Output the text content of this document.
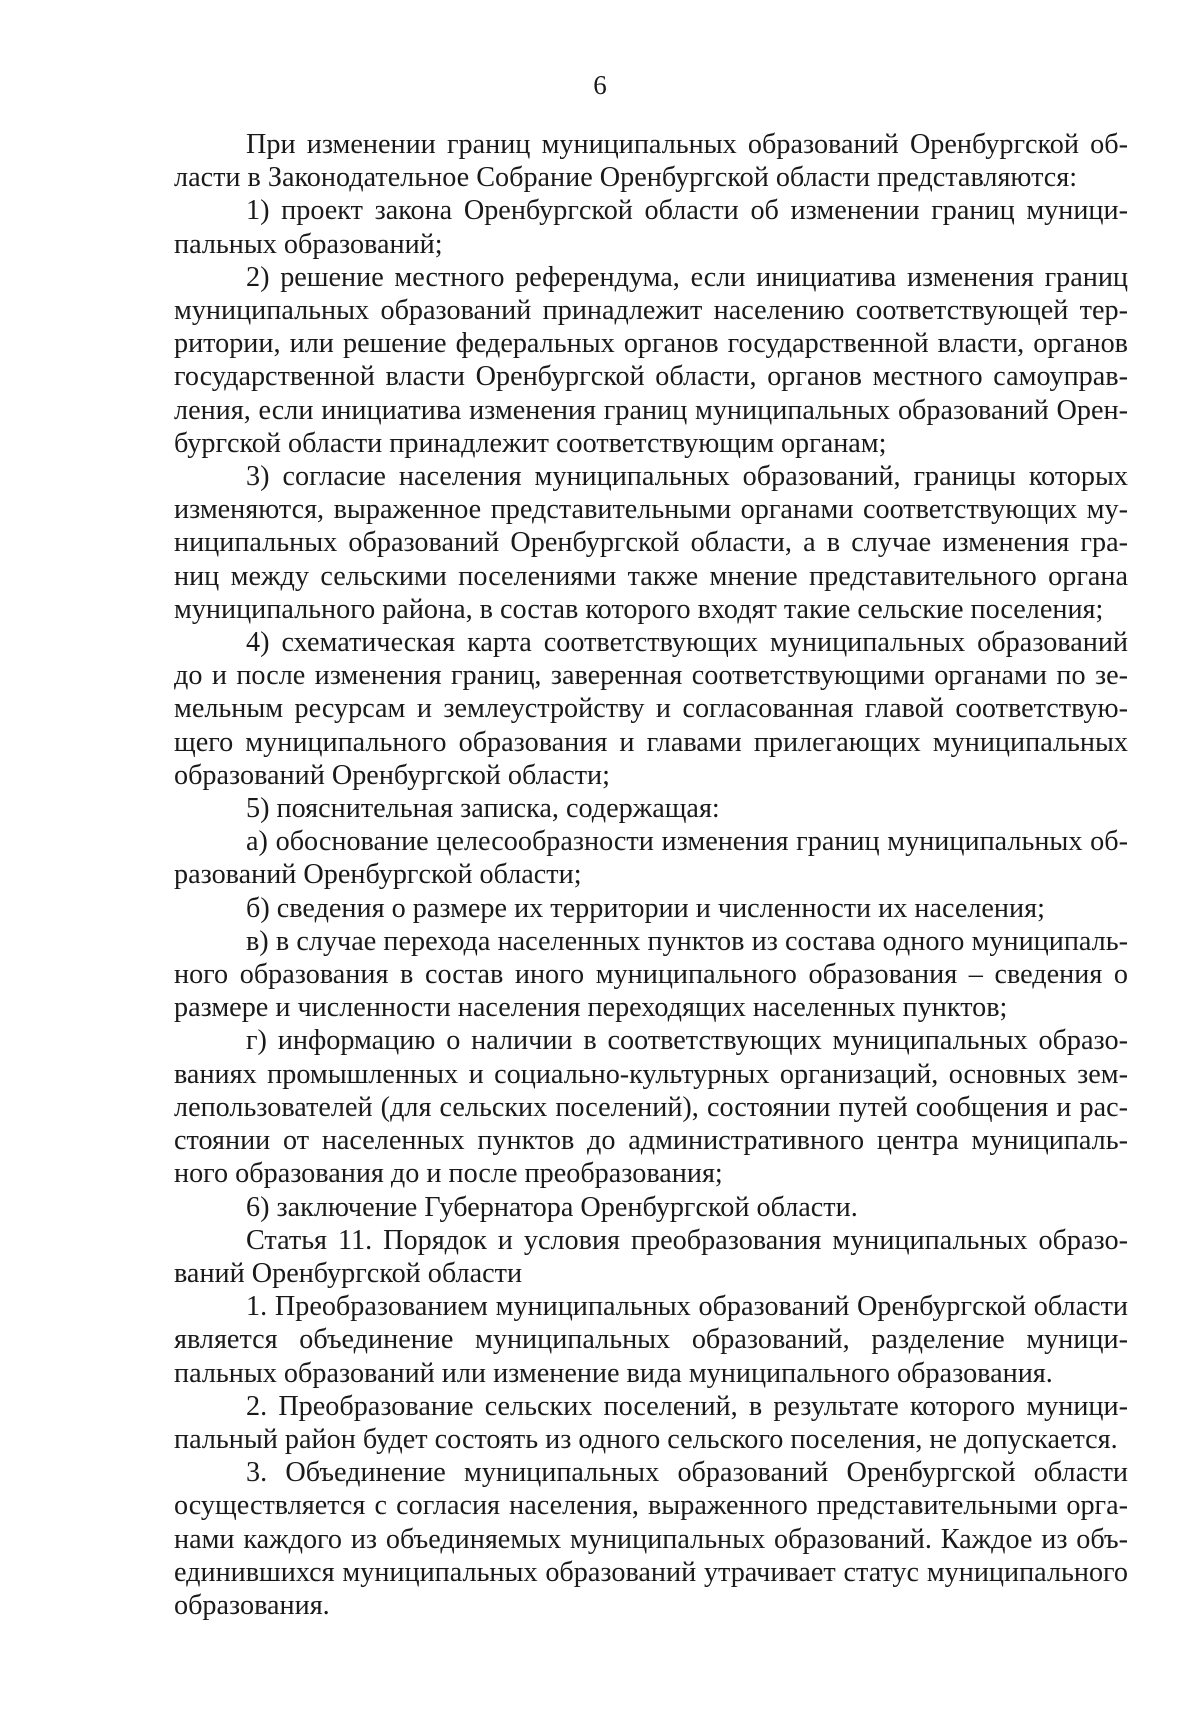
6

При изменении границ муниципальных образований Оренбургской области в Законодательное Собрание Оренбургской области представляются:

1) проект закона Оренбургской области об изменении границ муниципальных образований;

2) решение местного референдума, если инициатива изменения границ муниципальных образований принадлежит населению соответствующей территории, или решение федеральных органов государственной власти, органов государственной власти Оренбургской области, органов местного самоуправления, если инициатива изменения границ муниципальных образований Оренбургской области принадлежит соответствующим органам;

3) согласие населения муниципальных образований, границы которых изменяются, выраженное представительными органами соответствующих муниципальных образований Оренбургской области, а в случае изменения границ между сельскими поселениями также мнение представительного органа муниципального района, в состав которого входят такие сельские поселения;

4) схематическая карта соответствующих муниципальных образований до и после изменения границ, заверенная соответствующими органами по земельным ресурсам и землеустройству и согласованная главой соответствующего муниципального образования и главами прилегающих муниципальных образований Оренбургской области;

5) пояснительная записка, содержащая:

а) обоснование целесообразности изменения границ муниципальных образований Оренбургской области;

б) сведения о размере их территории и численности их населения;

в) в случае перехода населенных пунктов из состава одного муниципального образования в состав иного муниципального образования – сведения о размере и численности населения переходящих населенных пунктов;

г) информацию о наличии в соответствующих муниципальных образованиях промышленных и социально-культурных организаций, основных землепользователей (для сельских поселений), состоянии путей сообщения и расстоянии от населенных пунктов до административного центра муниципального образования до и после преобразования;

6) заключение Губернатора Оренбургской области.

Статья 11. Порядок и условия преобразования муниципальных образований Оренбургской области

1. Преобразованием муниципальных образований Оренбургской области является объединение муниципальных образований, разделение муниципальных образований или изменение вида муниципального образования.

2. Преобразование сельских поселений, в результате которого муниципальный район будет состоять из одного сельского поселения, не допускается.

3. Объединение муниципальных образований Оренбургской области осуществляется с согласия населения, выраженного представительными органами каждого из объединяемых муниципальных образований. Каждое из объединившихся муниципальных образований утрачивает статус муниципального образования.
